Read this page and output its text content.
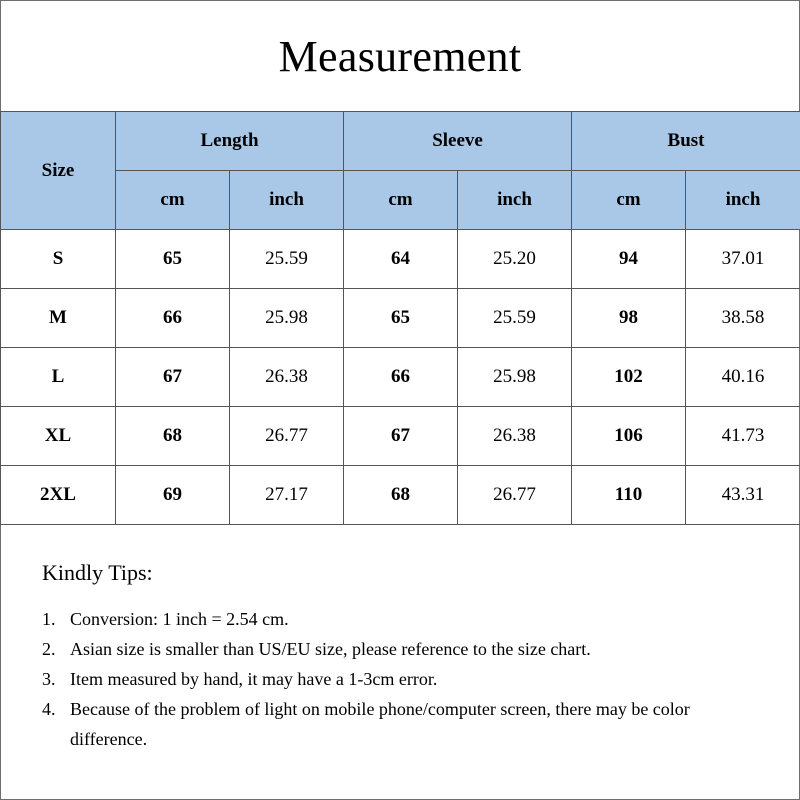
Measurement
Size	Length		Sleeve		Bust	
	cm	inch	cm	inch	cm	inch
S	65	25.59	64	25.20	94	37.01
M	66	25.98	65	25.59	98	38.58
L	67	26.38	66	25.98	102	40.16
XL	68	26.77	67	26.38	106	41.73
2XL	69	27.17	68	26.77	110	43.31
Kindly Tips:
1. Conversion: 1 inch = 2.54 cm.
2. Asian size is smaller than US/EU size, please reference to the size chart.
3. Item measured by hand, it may have a 1-3cm error.
4. Because of the problem of light on mobile phone/computer screen, there may be color difference.
